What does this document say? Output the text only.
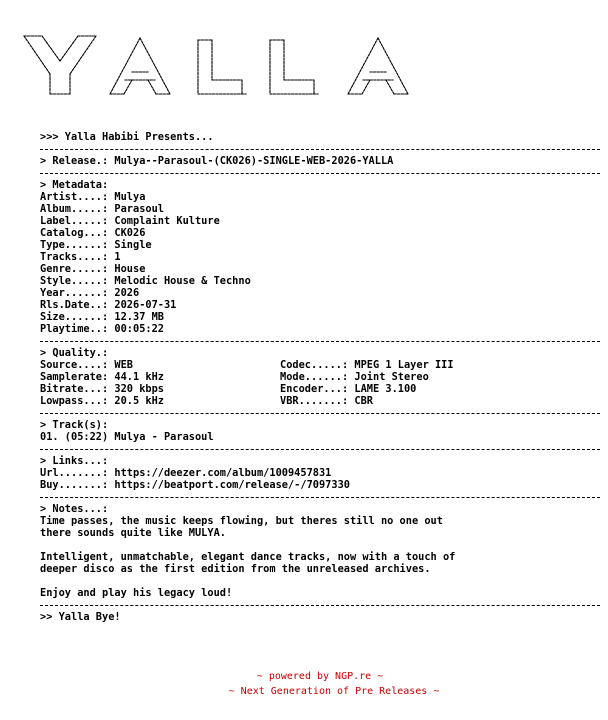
>>> Yalla Habibi Presents...
> Release.: Mulya--Parasoul-(CK026)-SINGLE-WEB-2026-YALLA
> Metadata:
Artist....: Mulya
Album.....: Parasoul
Label.....: Complaint Kulture
Catalog...: CK026
Type......: Single
Tracks....: 1
Genre.....: House
Style.....: Melodic House & Techno
Year......: 2026
Rls.Date..: 2026-07-31
Size......: 12.37 MB
Playtime..: 00:05:22
> Quality.:
Source....: WEB	Codec.....: MPEG 1 Layer III
Samplerate: 44.1 kHz	Mode......: Joint Stereo
Bitrate...: 320 kbps	Encoder...: LAME 3.100
Lowpass...: 20.5 kHz	VBR.......: CBR
> Track(s):
01. (05:22) Mulya - Parasoul
> Links...:
Url.......: https://deezer.com/album/1009457831
Buy.......: https://beatport.com/release/-/7097330
> Notes...:
Time passes, the music keeps flowing, but theres still no one out
there sounds quite like MULYA.
Intelligent, unmatchable, elegant dance tracks, now with a touch of
deeper disco as the first edition from the unreleased archives.
Enjoy and play his legacy loud!
>> Yalla Bye!
~ powered by NGP.re ~
~ Next Generation of Pre Releases ~
